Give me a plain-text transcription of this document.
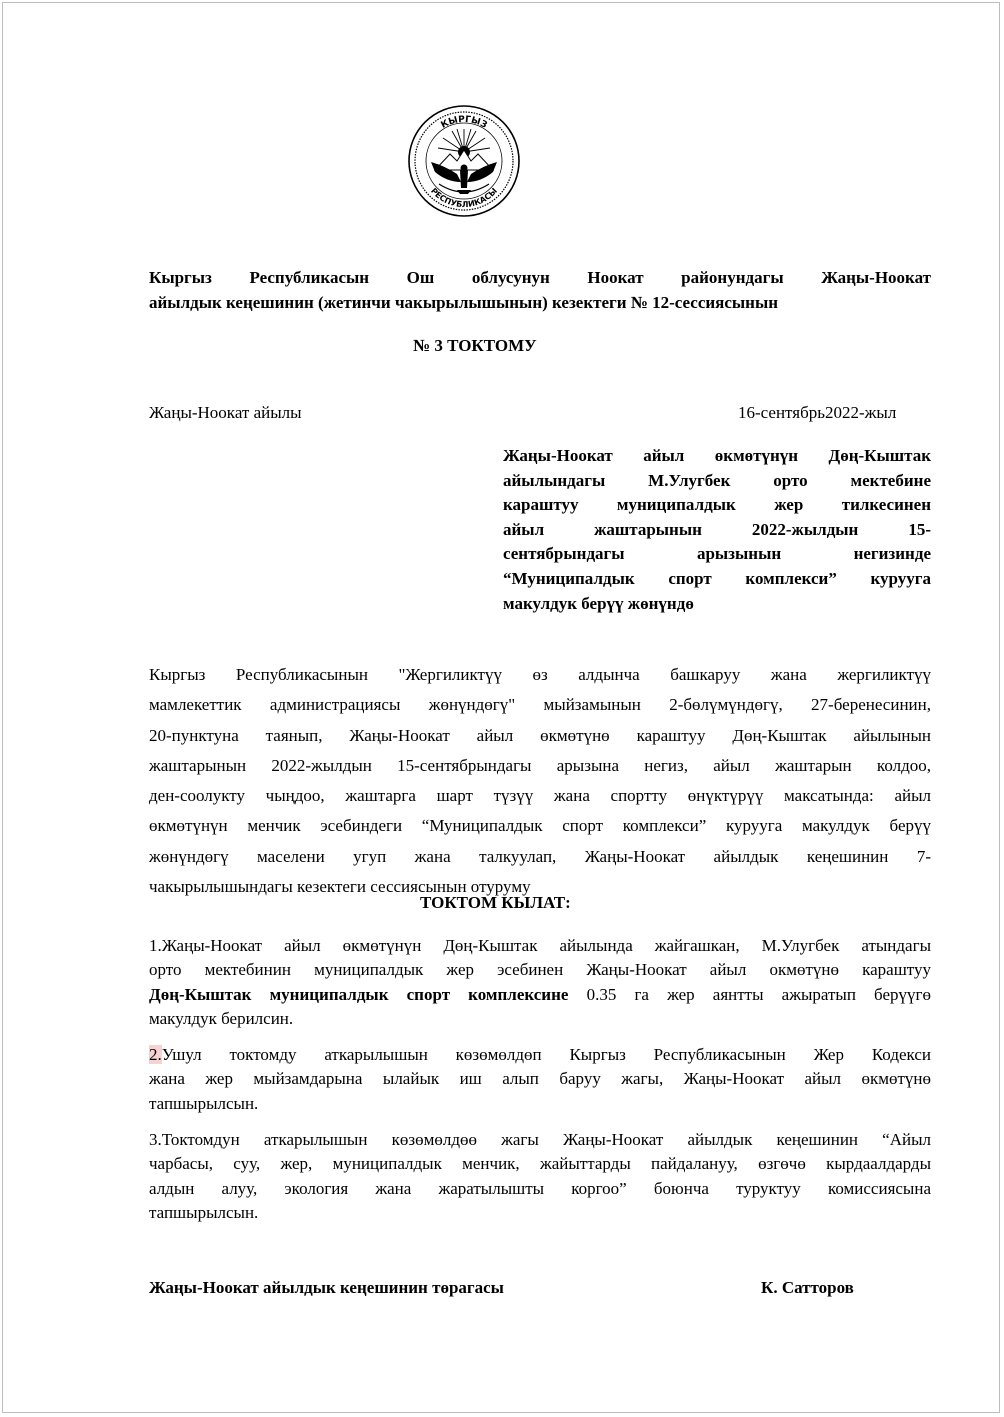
КЫРГЫЗ
РЕСПУБЛИКАСЫ
Кыргыз Республикасын Ош облусунун Ноокат районундагы Жаңы-Ноокат
айылдык кеңешинин (жетинчи чакырылышынын) кезектеги № 12-сессиясынын
№ 3 ТОКТОМУ
Жаңы-Ноокат айылы	16-сентябрь2022-жыл
Жаңы-Ноокат айыл өкмөтүнүн Дөң-Кыштак
айылындагы М.Улугбек орто мектебине
караштуу муниципалдык жер тилкесинен
айыл жаштарынын 2022-жылдын 15-
сентябрындагы арызынын негизинде
“Муниципалдык спорт комплекси” курууга
макулдук берүү жөнүндө
Кыргыз Республикасынын "Жергиликтүү өз алдынча башкаруу жана жергиликтүү
мамлекеттик администрациясы жөнүндөгү" мыйзамынын 2-бөлүмүндөгү, 27-беренесинин,
20-пунктуна таянып, Жаңы-Ноокат айыл өкмөтүнө караштуу Дөң-Кыштак айылынын
жаштарынын 2022-жылдын 15-сентябрындагы арызына негиз, айыл жаштарын колдоо,
ден-соолукту чыңдоо, жаштарга шарт түзүү жана спортту өнүктүрүү максатында: айыл
өкмөтүнүн менчик эсебиндеги “Муниципалдык спорт комплекси” курууга макулдук берүү
жөнүндөгү маселени угуп жана талкуулап, Жаңы-Ноокат айылдык кеңешинин 7-
чакырылышындагы кезектеги сессиясынын отуруму
ТОКТОМ КЫЛАТ:
1.Жаңы-Ноокат айыл өкмөтүнүн Дөң-Кыштак айылында жайгашкан, М.Улугбек атындагы
орто мектебинин муниципалдык жер эсебинен Жаңы-Ноокат айыл окмөтүнө караштуу
Дөң-Кыштак муниципалдык спорт комплексине 0.35 га жер аянтты ажыратып берүүгө
макулдук берилсин.
2.Ушул токтомду аткарылышын көзөмөлдөп Кыргыз Республикасынын Жер Кодекси
жана жер мыйзамдарына ылайык иш алып баруу жагы, Жаңы-Ноокат айыл өкмөтүнө
тапшырылсын.
3.Токтомдун аткарылышын көзөмөлдөө жагы Жаңы-Ноокат айылдык кеңешинин “Айыл
чарбасы, суу, жер, муниципалдык менчик, жайыттарды пайдалануу, өзгөчө кырдаалдарды
алдын алуу, экология жана жаратылышты коргоо” боюнча туруктуу комиссиясына
тапшырылсын.
Жаңы-Ноокат айылдык кеңешинин төрагасы	К. Сатторов
